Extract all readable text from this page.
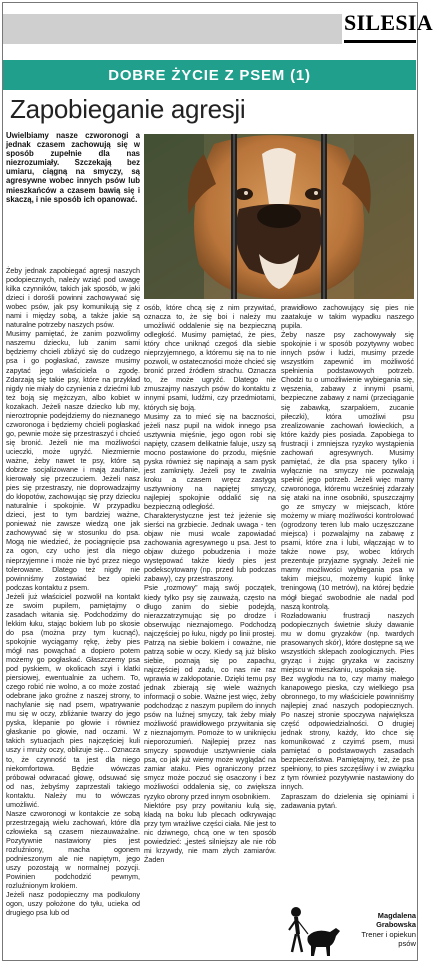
SILESIA
DOBRE ŻYCIE Z PSEM (1)
Zapobieganie agresji

Uwielbiamy nasze czworonogi a jednak czasem zachowują się w sposób zupełnie dla nas niezrozumiały. Szczekają bez umiaru, ciągną na smyczy, są agresywne wobec innych psów lub mieszkańców a czasem bawią się i skaczą, i nie sposób ich opanować.

Żeby jednak zapobiegać agresji naszych podopiecznych, należy wziąć pod uwagę kilka czynników, takich jak sposób, w jaki dzieci i dorośli powinni zachowywać się wobec psów, jak psy komunikują się z nami i między sobą, a także jakie są naturalne potrzeby naszych psów.
Musimy pamiętać, że zanim pozwolimy naszemu dziecku, lub zanim sami będziemy chcieli zbliżyć się do cudzego psa i go pogłaskać, zawsze musimy zapytać jego właściciela o zgodę. Zdarzają się takie psy, które na przykład nigdy nie miały do czynienia z dziećmi lub też boją się mężczyzn, albo kobiet w kozakach. Jeżeli nasze dziecko lub my, nieroztropnie podejdziemy do nieznanego czworonoga i będziemy chcieli pogłaskać go, pewnie może się przestraszyć i chcieć się bronić. Jeżeli nie ma możliwości ucieczki, może ugryźć. Niezmiernie ważne, żeby nawet te psy, które są dobrze socjalizowane i mają zaufanie, kierowały się przeczuciem. Jeżeli nasz pies się przestraszy, nie doprowadzajmy do kłopotów, zachowując się przy dziecku naturalnie i spokojnie. W przypadku dzieci, jest to tym bardziej ważne, ponieważ nie zawsze wiedzą one jak zachowywać się w stosunku do psa. Mogą nie wiedzieć, że pociągnięcie psa za ogon, czy ucho jest dla niego nieprzyjemne i może nie być przez niego tolerowane. Dlatego też nigdy nie powinniśmy zostawiać bez opieki podczas kontaktu z psem.
Jeżeli już właściciel pozwolił na kontakt ze swoim pupilem, pamiętajmy o zasadach witania się. Podchodzimy do lekkim łuku, stając bokiem lub po skosie do psa (można przy tym kucnąć), spokojnie wyciągamy rękę, żeby pies mógł nas powąchać a dopiero potem możemy go pogłaskać. Głaszczemy psa pod pyskiem, w okolicach szyi i klatki piersiowej, ewentualnie za uchem. To, czego robić nie wolno, a co może zostać odebrane jako groźne z naszej strony, to nachylanie się nad psem, wpatrywanie mu się w oczy, zbliżanie twarzy do jego pyska, klepanie po głowie i równiez głaskanie po głowie, nad oczami. W takich sytuacjach pies najczęściej kuli uszy i mruży oczy, oblizuje się... Oznacza to, że czynność ta jest dla niego niekomfortowa. Będzie wówczas próbował odwracać głowę, odsuwać się od nas, żebyśmy zaprzestali takiego kontaktu. Należy mu to wówczas umożliwić.
Nasze czworonogi w kontakcie ze sobą przestrzegają wielu zachowań, które dla człowieka są czasem niezauważalne. Pozytywnie nastawiony pies jest rozluźniony, macha ogonem podnieszonym ale nie napiętym, jego uszy pozostają w normalnej pozycji. Powinien podchodzić pewnym, rozluźnionym krokiem.
Jeżeli nasz podopieczny ma podkulony ogon, uszy położone do tyłu, ucieka od drugiego psa lub od
osób, które chcą się z nim przywitać, oznacza to, że się boi i należy mu umożliwić oddalenie się na bezpieczną odległość. Musimy pamiętać, że pies, który chce uniknąć czegoś dla siebie nieprzyjemnego, a któremu się na to nie pozwoli, w ostateczności może chcieć się bronić przed źródłem strachu. Oznacza to, że może ugryźć. Dlatego nie zmuszajmy naszych psów do kontaktu z innymi psami, ludźmi, czy przedmiotami, których się boją.
Musimy za to mieć się na baczności, jeżeli nasz pupil na widok innego psa usztywnia mięśnie, jego ogon robi się napięty, czasem delikatnie faluje, uszy są mocno postawione do przodu, mięśnie pyska również się napinają a sam pysk jest zamknięty. Jeżeli psy te zwalnia kroku a czasem wręcz zastygą usztywniony na napiętej smyczy, najlepiej spokojnie oddalić się na bezpieczną odległość.
Charakterystyczne jest też jeżenie się sierści na grzbiecie. Jednak uwaga - ten objaw nie musi wcale zapowiadać zachowania agresywnego u psa. Jest to objaw dużego pobudzenia i może występować także kiedy pies jest podekscytowany (np. przed lub podczas zabawy), czy przestraszony.
Psie „rozmowy” mają swój początek, kiedy tylko psy się zauważą, często na długo zanim do siebie podejdą, nierazzatrzymując się po drodze i obserwując nieznajomego. Podchodzą najczęściej po łuku, nigdy po linii prostej. Patrzą na siebie bokiem i coważne, nie patrzą sobie w oczy. Kiedy są już blisko siebie, poznają się po zapachu, najczęściej od zadu, co nas nie raz wprawia w zakłopotanie. Dzięki temu psy jednak zbierają się wiele ważnych informacji o sobie. Ważne jest więc, żeby podchodząc z naszym pupilem do innych psów na luźnej smyczy, tak żeby miały możliwość prawidłowego przywitania się z nieznajomym. Pomoże to w uniknięciu nieporozumień. Najlepiej przez nas smyczy spowoduje usztywnienie ciała psa, co jak już wiemy może wyglądać na zamiar ataku. Pies ograniczony przez smycz może poczuć się osaczony i bez możliwości oddalenia się, co zwiększa ryzyko obrony przed innym osobnikiem.
Niektóre psy przy powitaniu kulą się, kładą na boku lub plecach odkrywając przy tym wrażliwe części ciała. Nie jest to nic dziwnego, chcą one w ten sposób powiedzieć: „jesteś silniejszy ale nie rób mi krzywdy, nie mam złych zamiarów. Żaden
prawidłowo zachowujący się pies nie zaatakuje w takim wypadku naszego pupila.
Żeby nasze psy zachowywały się spokojnie i w sposób pozytywny wobec innych psów i ludzi, musimy przede wszystkim zapewnić im możliwość spełnienia podstawowych potrzeb. Chodzi tu o umożliwienie wybiegania się, węszenia, zabawy z innymi psami, bezpieczne zabawy z nami (przeciąganie się zabawką, szarpakiem, zucanie piłeczki), która umożliwi psu zrealizowanie zachowań łowieckich, a które każdy pies posiada. Zapobiega to frustracji i zmniejsza ryzyko wystąpienia zachowań agresywnych. Musimy pamiętać, że dla psa spacery tylko i wyłącznie na smyczy nie pozwalają spełnić jego potrzeb. Jeżeli więc mamy czworonoga, któremu wcześniej zdarzały się ataki na inne osobniki, spuszczajmy go ze smyczy w miejscach, które możemy w miarę możliwości kontrolować (ogrodzony teren lub mało uczęszczane miejsca) i pozwalajmy na zabawę z psami, które zna i lubi, włączając w to także nowe psy, wobec których prezentuje przyjazne sygnały. Jeżeli nie mamy możliwości wybiegania psa w takim miejscu, możemy kupić linkę treningową (10 metrów), na której będzie mógł biegać swobodnie ale nadal pod naszą kontrolą.
Rozładowaniu frustracji naszych podopiecznych świetnie służy dawanie mu w domu gryzaków (np. twardych prasowanych skór), które dostępne są we wszystkich sklepach zoologicznych. Pies gryząc i żując gryzaka w zaciszny miejscu w mieszkaniu, uspokaja się.
Bez wygłodu na to, czy mamy małego kanapowego pieska, czy wielkiego psa obronnego, to my właściciele powinniśmy najlepiej znać naszych podopiecznych. Po naszej stronie spoczywa największa część odpowiedzialności. O drugiej jednak strony, każdy, kto chce się komunikować z czyimś psem, musi pamiętać o podstawowych zasadach bezpieczeństwa. Pamiętajmy, też, że psa spełniony, to pies szczęśliwy i w związku z tym również pozytywnie nastawiony do innych.
Zapraszam do dzielenia się opiniami i zadawania pytań.
Magdalena Grabowska
Trener i opiekun psów
